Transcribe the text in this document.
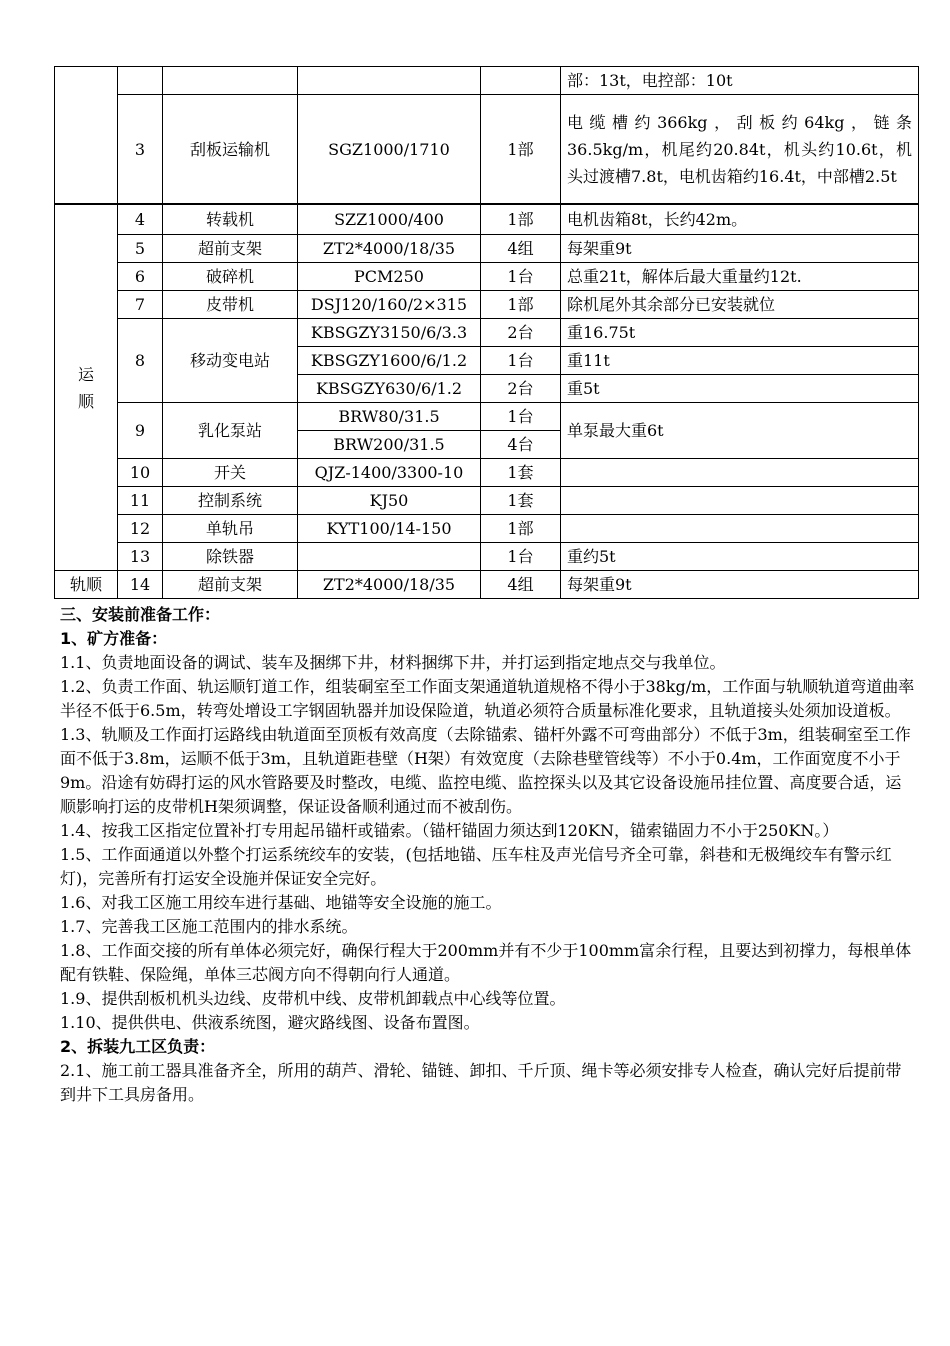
					部：13t，电控部：10t
	3	刮板运输机	SGZ1000/1710	1部	电缆槽约366kg，刮板约64kg，链条36.5kg/m，机尾约20.84t，机头约10.6t，机头过渡槽7.8t，电机齿箱约16.4t，中部槽2.5t

运顺	4	转载机	SZZ1000/400	1部	电机齿箱8t，长约42m。
	5	超前支架	ZT2*4000/18/35	4组	每架重9t
	6	破碎机	PCM250	1台	总重21t，解体后最大重量约12t.
	7	皮带机	DSJ120/160/2×315	1部	除机尾外其余部分已安装就位
	8	移动变电站	KBSGZY3150/6/3.3	2台	重16.75t
			KBSGZY1600/6/1.2	1台	重11t
			KBSGZY630/6/1.2	2台	重5t
	9	乳化泵站	BRW80/31.5	1台	单泵最大重6t
			BRW200/31.5	4台	
	10	开关	QJZ-1400/3300-10	1套	
	11	控制系统	KJ50	1套	
	12	单轨吊	KYT100/14-150	1部	
	13	除铁器		1台	重约5t
轨顺	14	超前支架	ZT2*4000/18/35	4组	每架重9t

三、安装前准备工作：

1、矿方准备：

1.1、负责地面设备的调试、装车及捆绑下井，材料捆绑下井，并打运到指定地点交与我单位。

1.2、负责工作面、轨运顺钉道工作，组装硐室至工作面支架通道轨道规格不得小于38kg/m，工作面与轨顺轨道弯道曲率半径不低于6.5m，转弯处增设工字钢固轨器并加设保险道，轨道必须符合质量标准化要求，且轨道接头处须加设道板。

1.3、轨顺及工作面打运路线由轨道面至顶板有效高度（去除锚索、锚杆外露不可弯曲部分）不低于3m，组装硐室至工作面不低于3.8m，运顺不低于3m，且轨道距巷壁（H架）有效宽度（去除巷壁管线等）不小于0.4m，工作面宽度不小于9m。沿途有妨碍打运的风水管路要及时整改，电缆、监控电缆、监控探头以及其它设备设施吊挂位置、高度要合适，运顺影响打运的皮带机H架须调整，保证设备顺利通过而不被刮伤。

1.4、按我工区指定位置补打专用起吊锚杆或锚索。（锚杆锚固力须达到120KN，锚索锚固力不小于250KN。）

1.5、工作面通道以外整个打运系统绞车的安装，(包括地锚、压车柱及声光信号齐全可靠，斜巷和无极绳绞车有警示红灯)，完善所有打运安全设施并保证安全完好。

1.6、对我工区施工用绞车进行基础、地锚等安全设施的施工。

1.7、完善我工区施工范围内的排水系统。

1.8、工作面交接的所有单体必须完好，确保行程大于200mm并有不少于100mm富余行程，且要达到初撑力，每根单体配有铁鞋、保险绳，单体三芯阀方向不得朝向行人通道。

1.9、提供刮板机机头边线、皮带机中线、皮带机卸载点中心线等位置。

1.10、提供供电、供液系统图，避灾路线图、设备布置图。

2、拆装九工区负责：

2.1、施工前工器具准备齐全，所用的葫芦、滑轮、锚链、卸扣、千斤顶、绳卡等必须安排专人检查，确认完好后提前带到井下工具房备用。
